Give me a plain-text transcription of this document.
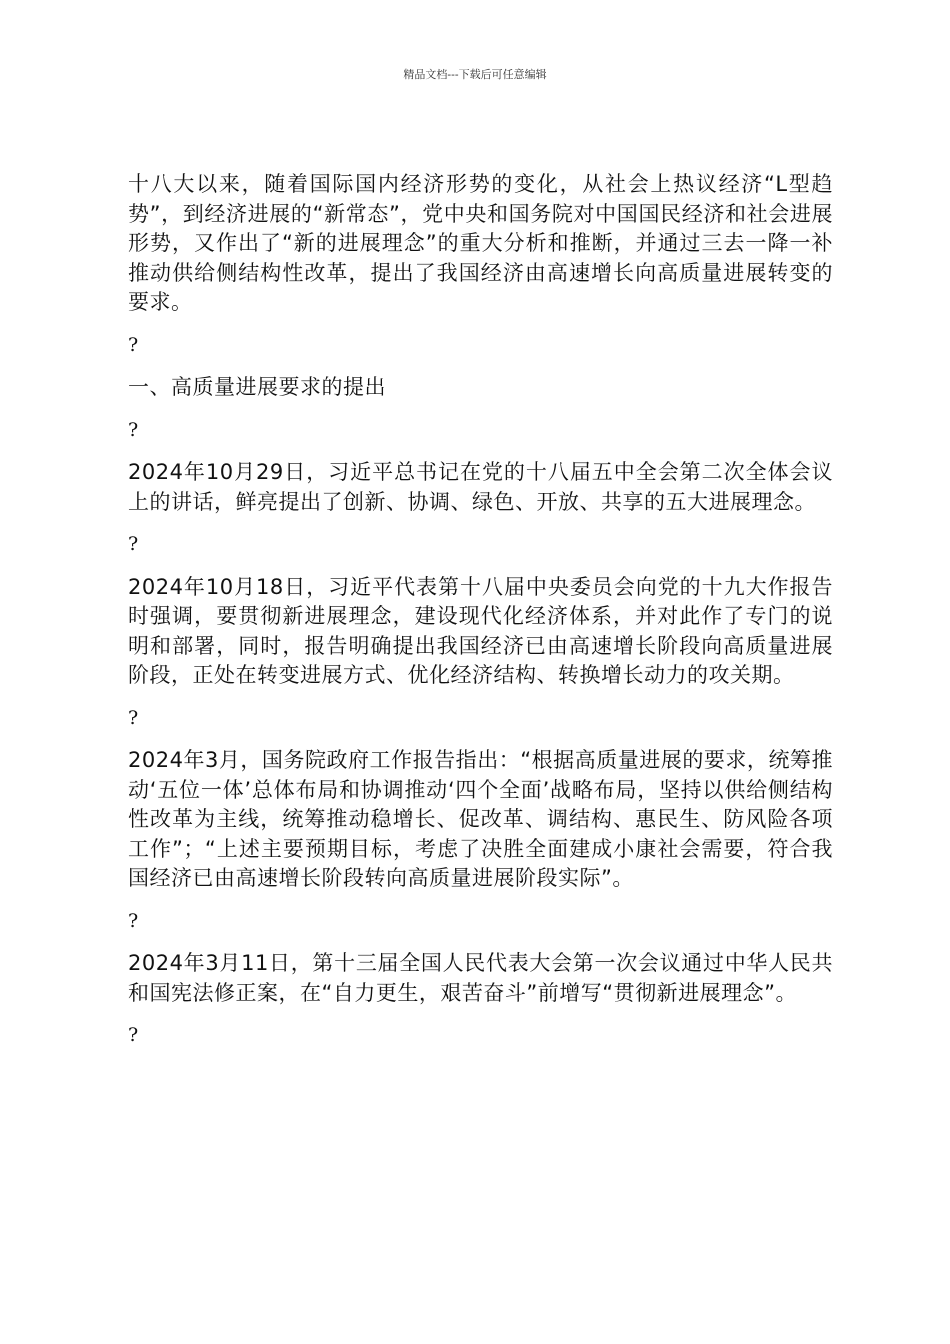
精品文档---下载后可任意编辑

十八大以来，随着国际国内经济形势的变化，从社会上热议经济“L型趋势”，到经济进展的“新常态”，党中央和国务院对中国国民经济和社会进展形势，又作出了“新的进展理念”的重大分析和推断，并通过三去一降一补推动供给侧结构性改革，提出了我国经济由高速增长向高质量进展转变的要求。

?

一、高质量进展要求的提出

?

2024年10月29日，习近平总书记在党的十八届五中全会第二次全体会议上的讲话，鲜亮提出了创新、协调、绿色、开放、共享的五大进展理念。

?

2024年10月18日，习近平代表第十八届中央委员会向党的十九大作报告时强调，要贯彻新进展理念，建设现代化经济体系，并对此作了专门的说明和部署，同时，报告明确提出我国经济已由高速增长阶段向高质量进展阶段，正处在转变进展方式、优化经济结构、转换增长动力的攻关期。

?

2024年3月，国务院政府工作报告指出：“根据高质量进展的要求，统筹推动‘五位一体’总体布局和协调推动‘四个全面’战略布局，坚持以供给侧结构性改革为主线，统筹推动稳增长、促改革、调结构、惠民生、防风险各项工作”；“上述主要预期目标，考虑了决胜全面建成小康社会需要，符合我国经济已由高速增长阶段转向高质量进展阶段实际”。

?

2024年3月11日，第十三届全国人民代表大会第一次会议通过中华人民共和国宪法修正案，在“自力更生，艰苦奋斗”前增写“贯彻新进展理念”。

?
